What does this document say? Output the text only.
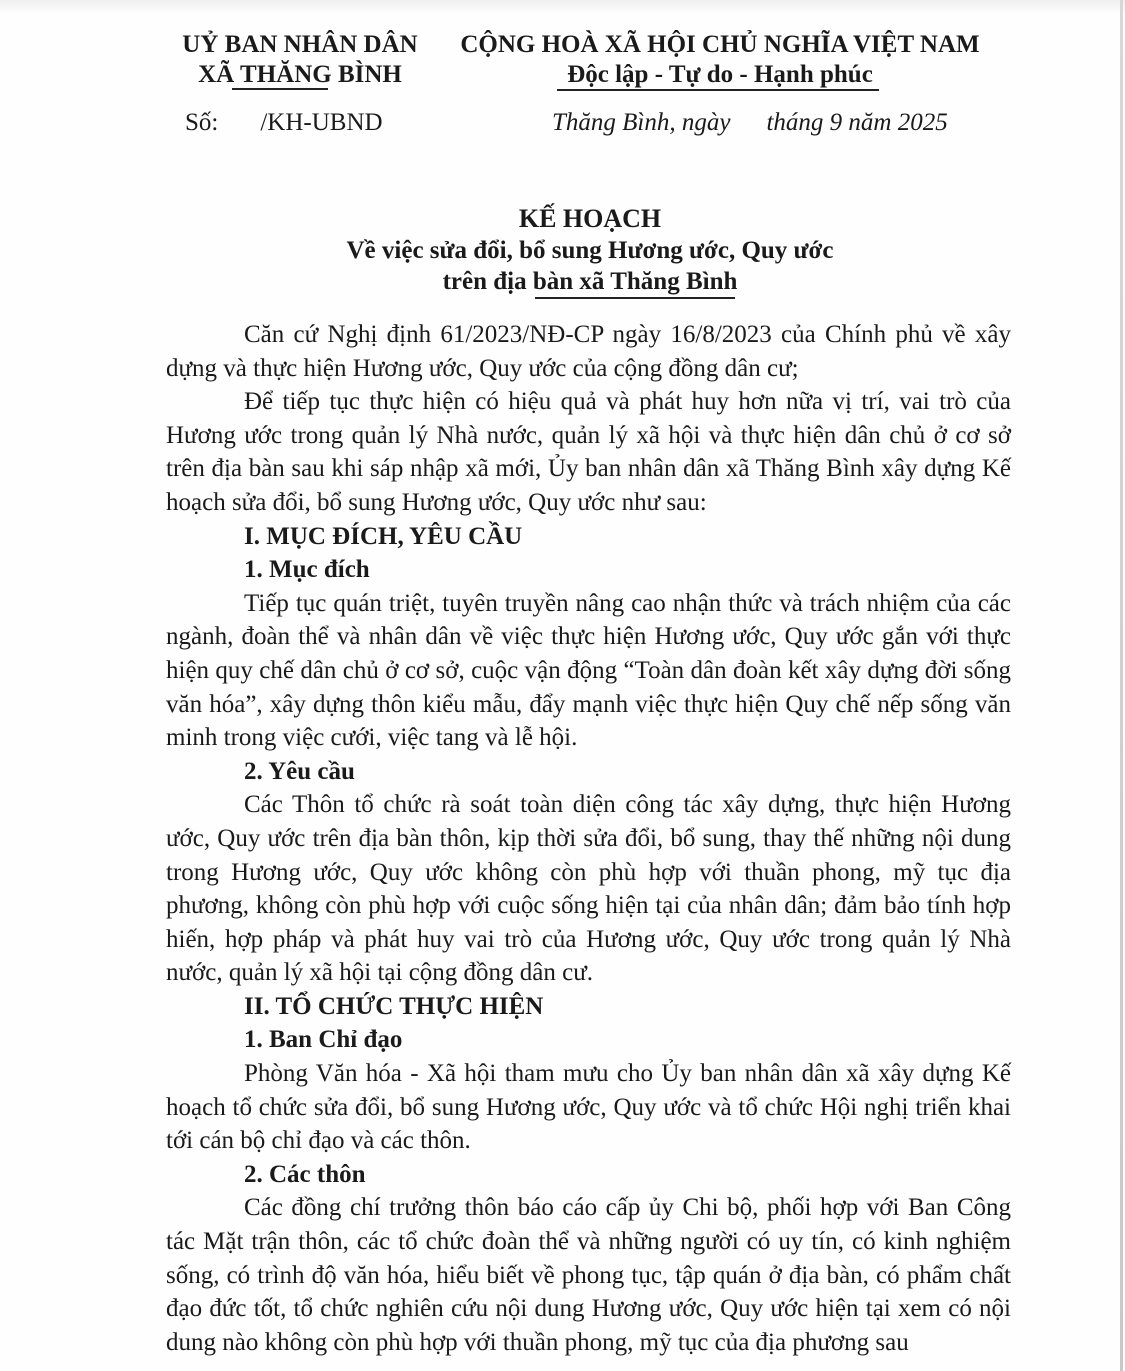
UỶ BAN NHÂN DÂN
XÃ THĂNG BÌNH
CỘNG HOÀ XÃ HỘI CHỦ NGHĨA VIỆT NAM
Độc lập - Tự do - Hạnh phúc
Số: /KH-UBND	Thăng Bình, ngày tháng 9 năm 2025
KẾ HOẠCH
Về việc sửa đổi, bổ sung Hương ước, Quy ước
trên địa bàn xã Thăng Bình

Căn cứ Nghị định 61/2023/NĐ-CP ngày 16/8/2023 của Chính phủ về xây dựng và thực hiện Hương ước, Quy ước của cộng đồng dân cư;

Để tiếp tục thực hiện có hiệu quả và phát huy hơn nữa vị trí, vai trò của Hương ước trong quản lý Nhà nước, quản lý xã hội và thực hiện dân chủ ở cơ sở trên địa bàn sau khi sáp nhập xã mới, Ủy ban nhân dân xã Thăng Bình xây dựng Kế hoạch sửa đổi, bổ sung Hương ước, Quy ước như sau:

I. MỤC ĐÍCH, YÊU CẦU

1. Mục đích

Tiếp tục quán triệt, tuyên truyền nâng cao nhận thức và trách nhiệm của các ngành, đoàn thể và nhân dân về việc thực hiện Hương ước, Quy ước gắn với thực hiện quy chế dân chủ ở cơ sở, cuộc vận động “Toàn dân đoàn kết xây dựng đời sống văn hóa”, xây dựng thôn kiểu mẫu, đẩy mạnh việc thực hiện Quy chế nếp sống văn minh trong việc cưới, việc tang và lễ hội.

2. Yêu cầu

Các Thôn tổ chức rà soát toàn diện công tác xây dựng, thực hiện Hương ước, Quy ước trên địa bàn thôn, kịp thời sửa đổi, bổ sung, thay thế những nội dung trong Hương ước, Quy ước không còn phù hợp với thuần phong, mỹ tục địa phương, không còn phù hợp với cuộc sống hiện tại của nhân dân; đảm bảo tính hợp hiến, hợp pháp và phát huy vai trò của Hương ước, Quy ước trong quản lý Nhà nước, quản lý xã hội tại cộng đồng dân cư.

II. TỔ CHỨC THỰC HIỆN

1. Ban Chỉ đạo

Phòng Văn hóa - Xã hội tham mưu cho Ủy ban nhân dân xã xây dựng Kế hoạch tổ chức sửa đổi, bổ sung Hương ước, Quy ước và tổ chức Hội nghị triển khai tới cán bộ chỉ đạo và các thôn.

2. Các thôn

Các đồng chí trưởng thôn báo cáo cấp ủy Chi bộ, phối hợp với Ban Công tác Mặt trận thôn, các tổ chức đoàn thể và những người có uy tín, có kinh nghiệm sống, có trình độ văn hóa, hiểu biết về phong tục, tập quán ở địa bàn, có phẩm chất đạo đức tốt, tổ chức nghiên cứu nội dung Hương ước, Quy ước hiện tại xem có nội dung nào không còn phù hợp với thuần phong, mỹ tục của địa phương sau
